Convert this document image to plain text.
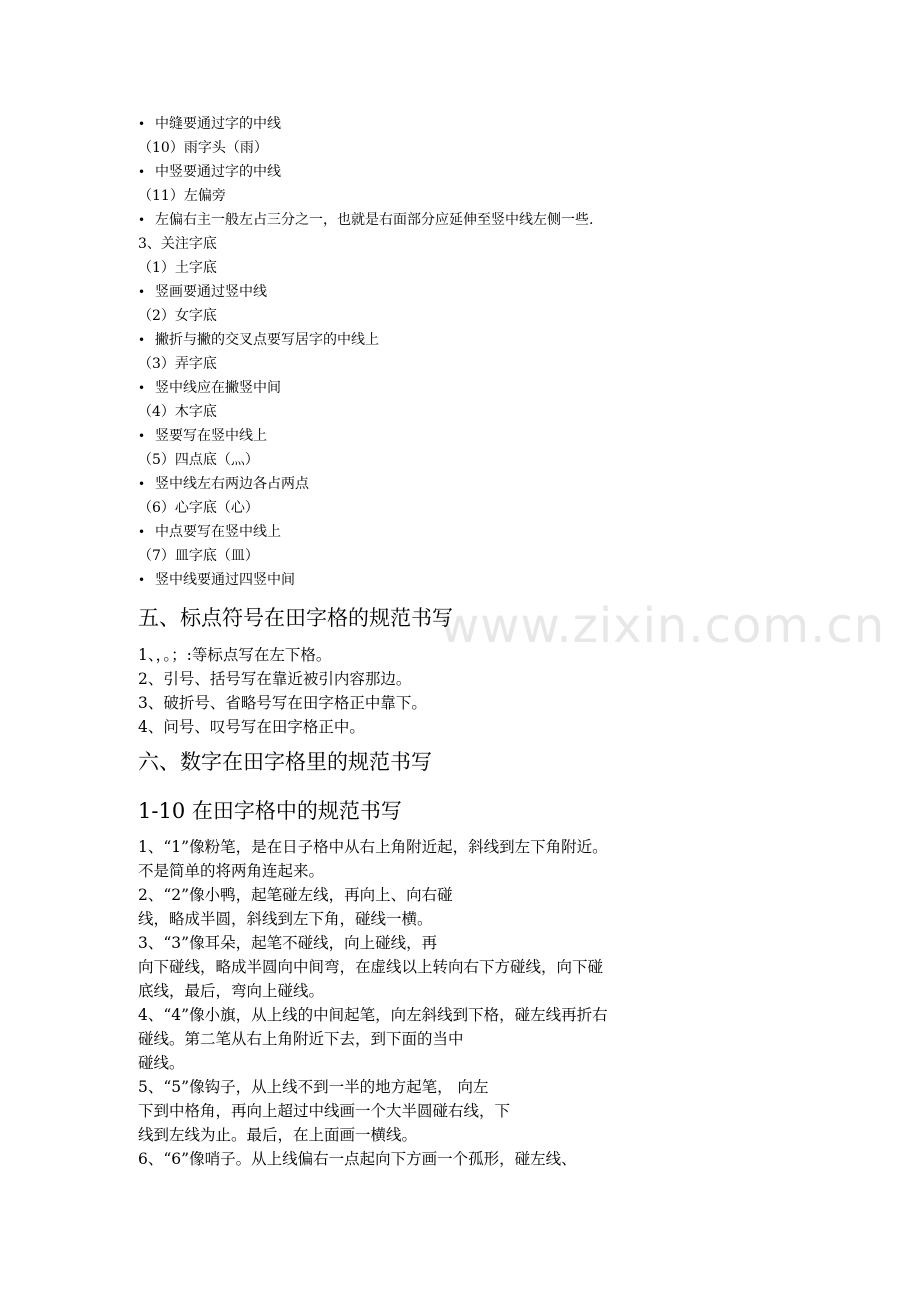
www.zixin.com.cn
• 中缝要通过字的中线
（10）雨字头（雨）
• 中竖要通过字的中线
（11）左偏旁
• 左偏右主一般左占三分之一，也就是右面部分应延伸至竖中线左侧一些.
3、关注字底
（1）土字底
• 竖画要通过竖中线
（2）女字底
• 撇折与撇的交叉点要写居字的中线上
（3）弄字底
• 竖中线应在撇竖中间
（4）木字底
• 竖要写在竖中线上
（5）四点底（灬）
• 竖中线左右两边各占两点
（6）心字底（心）
• 中点要写在竖中线上
（7）皿字底（皿）
• 竖中线要通过四竖中间
五、标点符号在田字格的规范书写
1、，。；:等标点写在左下格。
2、引号、括号写在靠近被引内容那边。
3、破折号、省略号写在田字格正中靠下。
4、问号、叹号写在田字格正中。
六、数字在田字格里的规范书写
1-10 在田字格中的规范书写
1、“1”像粉笔，是在日子格中从右上角附近起，斜线到左下角附近。
不是简单的将两角连起来。
2、“2”像小鸭，起笔碰左线，再向上、向右碰
线，略成半圆，斜线到左下角，碰线一横。
3、“3”像耳朵，起笔不碰线，向上碰线，再
向下碰线，略成半圆向中间弯，在虚线以上转向右下方碰线，向下碰
底线，最后，弯向上碰线。
4、“4”像小旗，从上线的中间起笔，向左斜线到下格，碰左线再折右
碰线。第二笔从右上角附近下去，到下面的当中
碰线。
5、“5”像钩子，从上线不到一半的地方起笔， 向左
下到中格角，再向上超过中线画一个大半圆碰右线，下
线到左线为止。最后，在上面画一横线。
6、“6”像哨子。从上线偏右一点起向下方画一个孤形，碰左线、
